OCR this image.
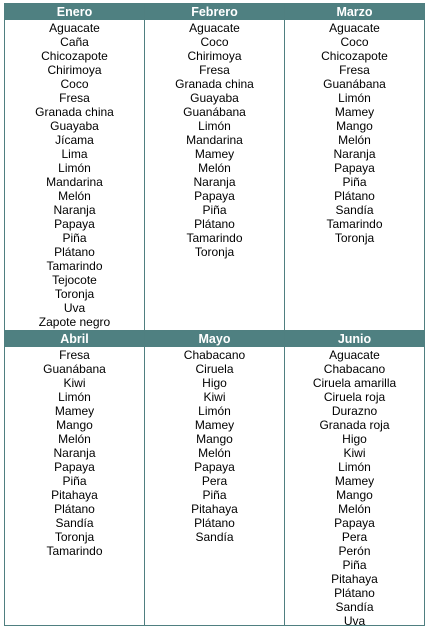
Enero
Aguacate
Caña
Chicozapote
Chirimoya
Coco
Fresa
Granada china
Guayaba
Jícama
Lima
Limón
Mandarina
Melón
Naranja
Papaya
Piña
Plátano
Tamarindo
Tejocote
Toronja
Uva
Zapote negro
Febrero
Aguacate
Coco
Chirimoya
Fresa
Granada china
Guayaba
Guanábana
Limón
Mandarina
Mamey
Melón
Naranja
Papaya
Piña
Plátano
Tamarindo
Toronja
Marzo
Aguacate
Coco
Chicozapote
Fresa
Guanábana
Limón
Mamey
Mango
Melón
Naranja
Papaya
Piña
Plátano
Sandía
Tamarindo
Toronja
Abril
Fresa
Guanábana
Kiwi
Limón
Mamey
Mango
Melón
Naranja
Papaya
Piña
Pitahaya
Plátano
Sandía
Toronja
Tamarindo
Mayo
Chabacano
Ciruela
Higo
Kiwi
Limón
Mamey
Mango
Melón
Papaya
Pera
Piña
Pitahaya
Plátano
Sandía
Junio
Aguacate
Chabacano
Ciruela amarilla
Ciruela roja
Durazno
Granada roja
Higo
Kiwi
Limón
Mamey
Mango
Melón
Papaya
Pera
Perón
Piña
Pitahaya
Plátano
Sandía
Uva
